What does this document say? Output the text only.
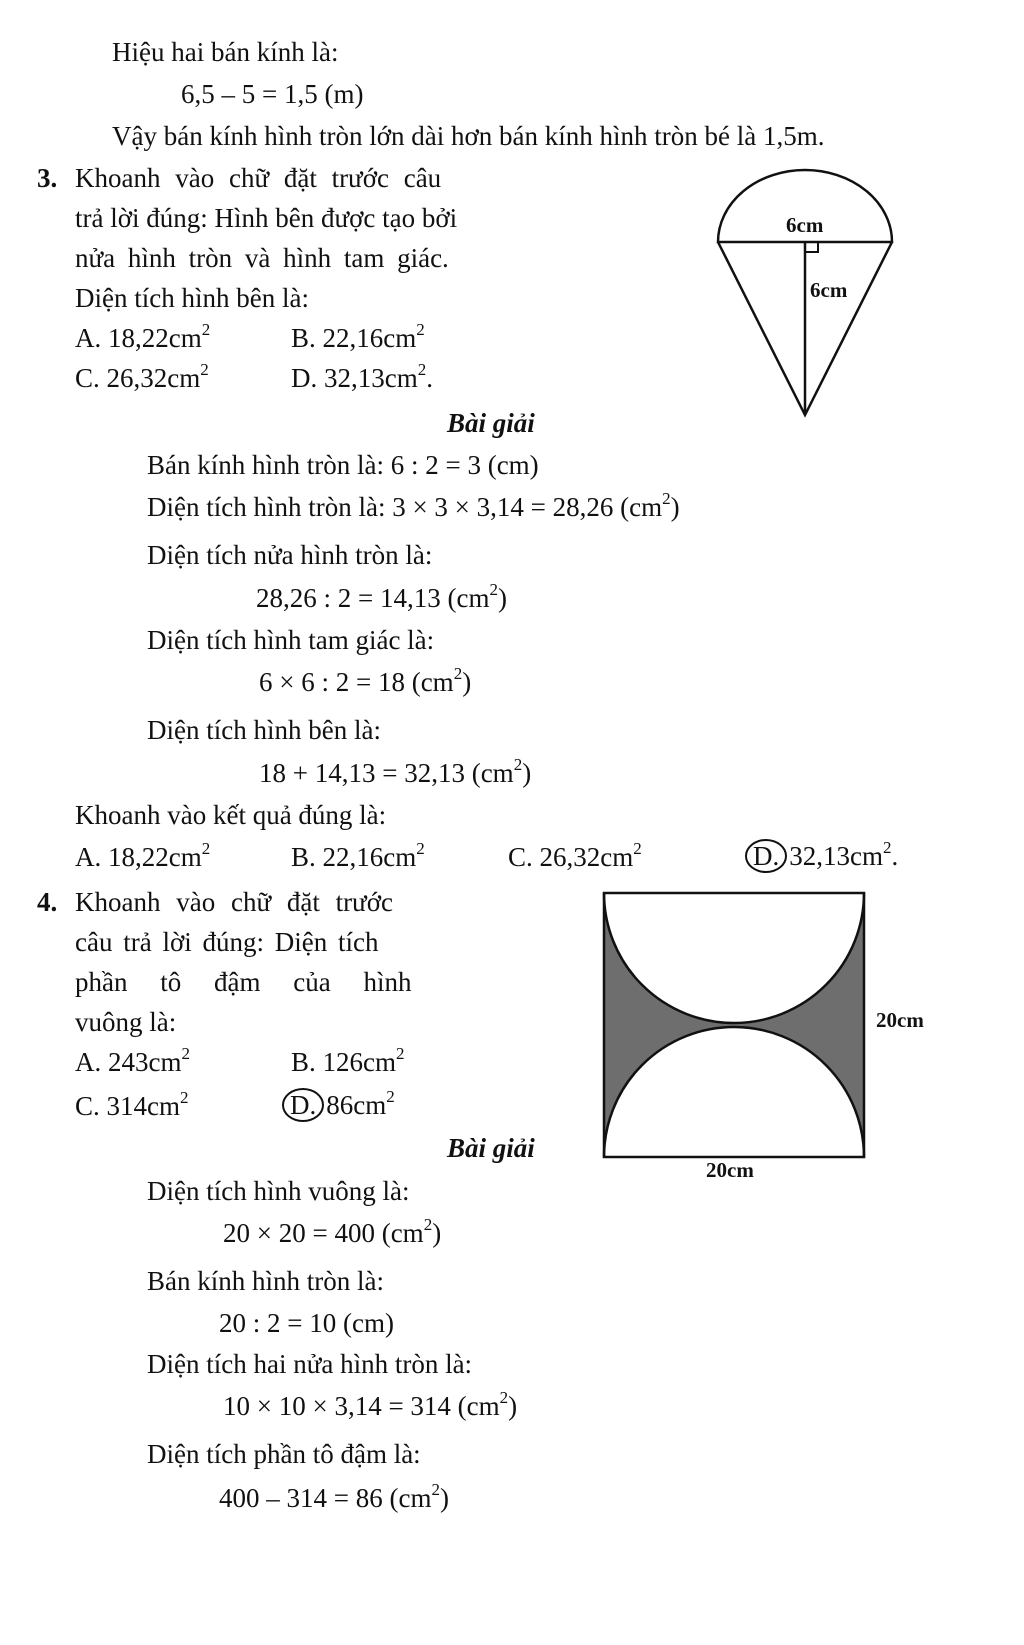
Hiệu hai bán kính là:
6,5 – 5 = 1,5 (m)
Vậy bán kính hình tròn lớn dài hơn bán kính hình tròn bé là 1,5m.
3. Khoanh vào chữ đặt trước câu
trả lời đúng: Hình bên được tạo bởi
nửa hình tròn và hình tam giác.
Diện tích hình bên là:
A. $18,22cm^2$	B. $22,16cm^2$
C. $26,32cm^2$	D. $32,13cm^2$.
6cm
6cm
Bài giải
Bán kính hình tròn là: 6 : 2 = 3 (cm)
Diện tích hình tròn là: 3 × 3 × 3,14 = 28,26 $(cm^2)$
Diện tích nửa hình tròn là:
28,26 : 2 = 14,13 $(cm^2)$
Diện tích hình tam giác là:
6 × 6 : 2 = 18 $(cm^2)$
Diện tích hình bên là:
18 + 14,13 = 32,13 $(cm^2)$
Khoanh vào kết quả đúng là:
A. $18,22cm^2$	B. $22,16cm^2$	C. $26,32cm^2$	D. $32,13cm^2$.
4. Khoanh vào chữ đặt trước
câu trả lời đúng: Diện tích
phần tô đậm của hình
vuông là:
A. $243cm^2$	B. $126cm^2$
C. $314cm^2$	D. $86cm^2$
20cm
20cm
Bài giải
Diện tích hình vuông là:
20 × 20 = 400 $(cm^2)$
Bán kính hình tròn là:
20 : 2 = 10 (cm)
Diện tích hai nửa hình tròn là:
10 × 10 × 3,14 = 314 $(cm^2)$
Diện tích phần tô đậm là:
400 – 314 = 86 $(cm^2)$
